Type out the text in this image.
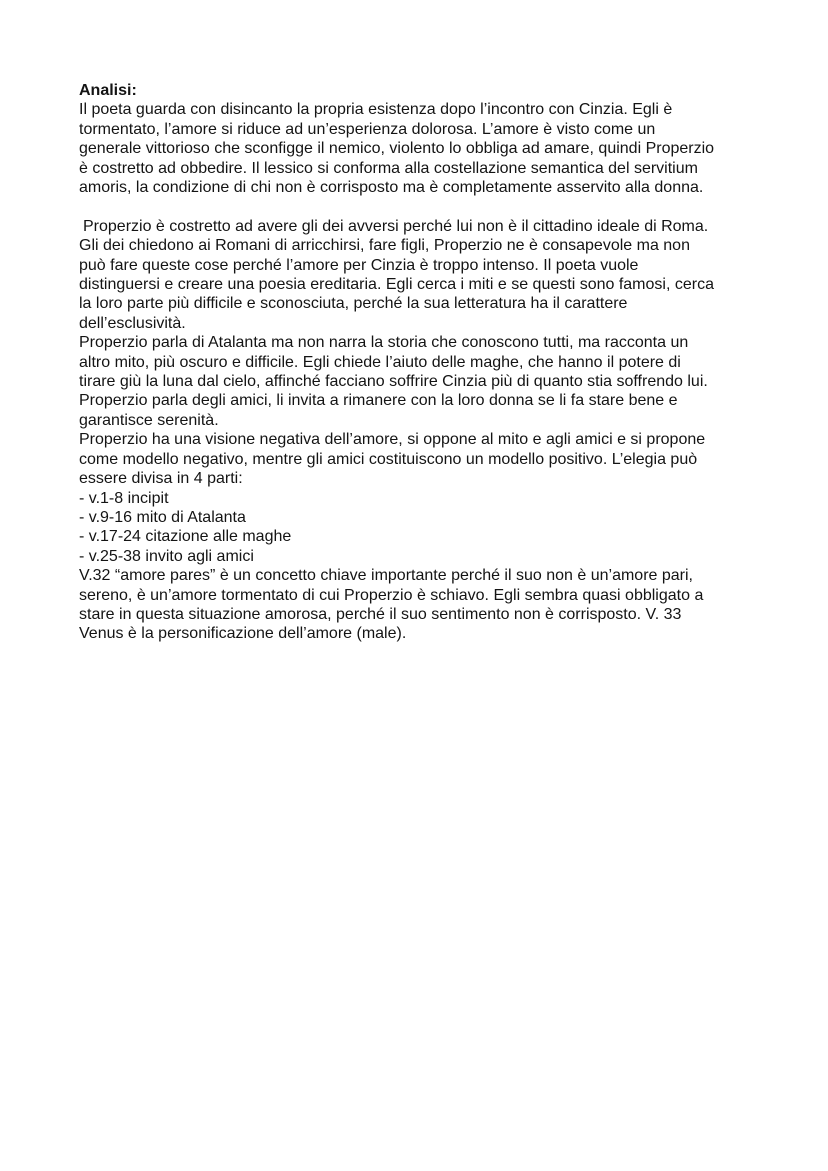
Analisi:

Il poeta guarda con disincanto la propria esistenza dopo l’incontro con Cinzia. Egli è

tormentato, l’amore si riduce ad un’esperienza dolorosa. L’amore è visto come un

generale vittorioso che sconfigge il nemico, violento lo obbliga ad amare, quindi Properzio

è costretto ad obbedire. Il lessico si conforma alla costellazione semantica del servitium

amoris, la condizione di chi non è corrisposto ma è completamente asservito alla donna.

Properzio è costretto ad avere gli dei avversi perché lui non è il cittadino ideale di Roma.

Gli dei chiedono ai Romani di arricchirsi, fare figli, Properzio ne è consapevole ma non

può fare queste cose perché l’amore per Cinzia è troppo intenso. Il poeta vuole

distinguersi e creare una poesia ereditaria. Egli cerca i miti e se questi sono famosi, cerca

la loro parte più difficile e sconosciuta, perché la sua letteratura ha il carattere

dell’esclusività.

Properzio parla di Atalanta ma non narra la storia che conoscono tutti, ma racconta un

altro mito, più oscuro e difficile. Egli chiede l’aiuto delle maghe, che hanno il potere di

tirare giù la luna dal cielo, affinché facciano soffrire Cinzia più di quanto stia soffrendo lui.

Properzio parla degli amici, li invita a rimanere con la loro donna se li fa stare bene e

garantisce serenità.

Properzio ha una visione negativa dell’amore, si oppone al mito e agli amici e si propone

come modello negativo, mentre gli amici costituiscono un modello positivo. L’elegia può

essere divisa in 4 parti:

- v.1-8 incipit

- v.9-16 mito di Atalanta

- v.17-24 citazione alle maghe

- v.25-38 invito agli amici

V.32 “amore pares” è un concetto chiave importante perché il suo non è un’amore pari,

sereno, è un’amore tormentato di cui Properzio è schiavo. Egli sembra quasi obbligato a

stare in questa situazione amorosa, perché il suo sentimento non è corrisposto. V. 33

Venus è la personificazione dell’amore (male).
